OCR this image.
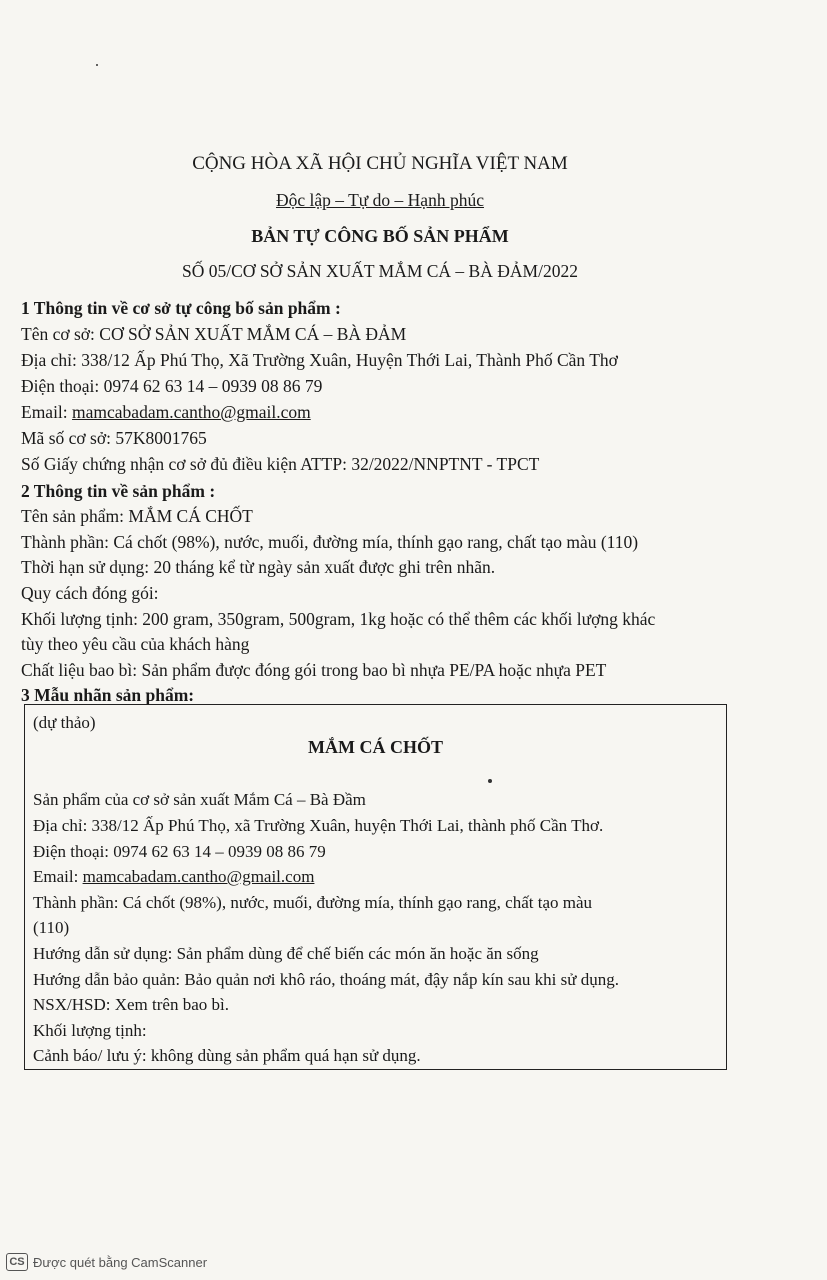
CỘNG HÒA XÃ HỘI CHỦ NGHĨA VIỆT NAM
Độc lập – Tự do – Hạnh phúc
BẢN TỰ CÔNG BỐ SẢN PHẨM
SỐ 05/CƠ SỞ SẢN XUẤT MẮM CÁ – BÀ ĐẢM/2022
1 Thông tin về cơ sở tự công bố sản phẩm :
Tên cơ sở: CƠ SỞ SẢN XUẤT MẮM CÁ – BÀ ĐẢM
Địa chỉ: 338/12 Ấp Phú Thọ, Xã Trường Xuân, Huyện Thới Lai, Thành Phố Cần Thơ
Điện thoại: 0974 62 63 14 – 0939 08 86 79
Email: mamcabadam.cantho@gmail.com
Mã số cơ sở: 57K8001765
Số Giấy chứng nhận cơ sở đủ điều kiện ATTP: 32/2022/NNPTNT - TPCT
2 Thông tin về sản phẩm :
Tên sản phẩm: MẮM CÁ CHỐT
Thành phần: Cá chốt (98%), nước, muối, đường mía, thính gạo rang, chất tạo màu (110)
Thời hạn sử dụng: 20 tháng kể từ ngày sản xuất được ghi trên nhãn.
Quy cách đóng gói:
Khối lượng tịnh: 200 gram, 350gram, 500gram, 1kg hoặc có thể thêm các khối lượng khác
tùy theo yêu cầu của khách hàng
Chất liệu bao bì: Sản phẩm được đóng gói trong bao bì nhựa PE/PA hoặc nhựa PET
3 Mẫu nhãn sản phẩm:
(dự thảo)
MẮM CÁ CHỐT
Sản phẩm của cơ sở sản xuất Mắm Cá – Bà Đầm
Địa chỉ: 338/12 Ấp Phú Thọ, xã Trường Xuân, huyện Thới Lai, thành phố Cần Thơ.
Điện thoại: 0974 62 63 14 – 0939 08 86 79
Email: mamcabadam.cantho@gmail.com
Thành phần: Cá chốt (98%), nước, muối, đường mía, thính gạo rang, chất tạo màu
(110)
Hướng dẫn sử dụng: Sản phẩm dùng để chế biến các món ăn hoặc ăn sống
Hướng dẫn bảo quản: Bảo quản nơi khô ráo, thoáng mát, đậy nắp kín sau khi sử dụng.
NSX/HSD: Xem trên bao bì.
Khối lượng tịnh:
Cảnh báo/ lưu ý: không dùng sản phẩm quá hạn sử dụng.
CS Được quét bằng CamScanner
